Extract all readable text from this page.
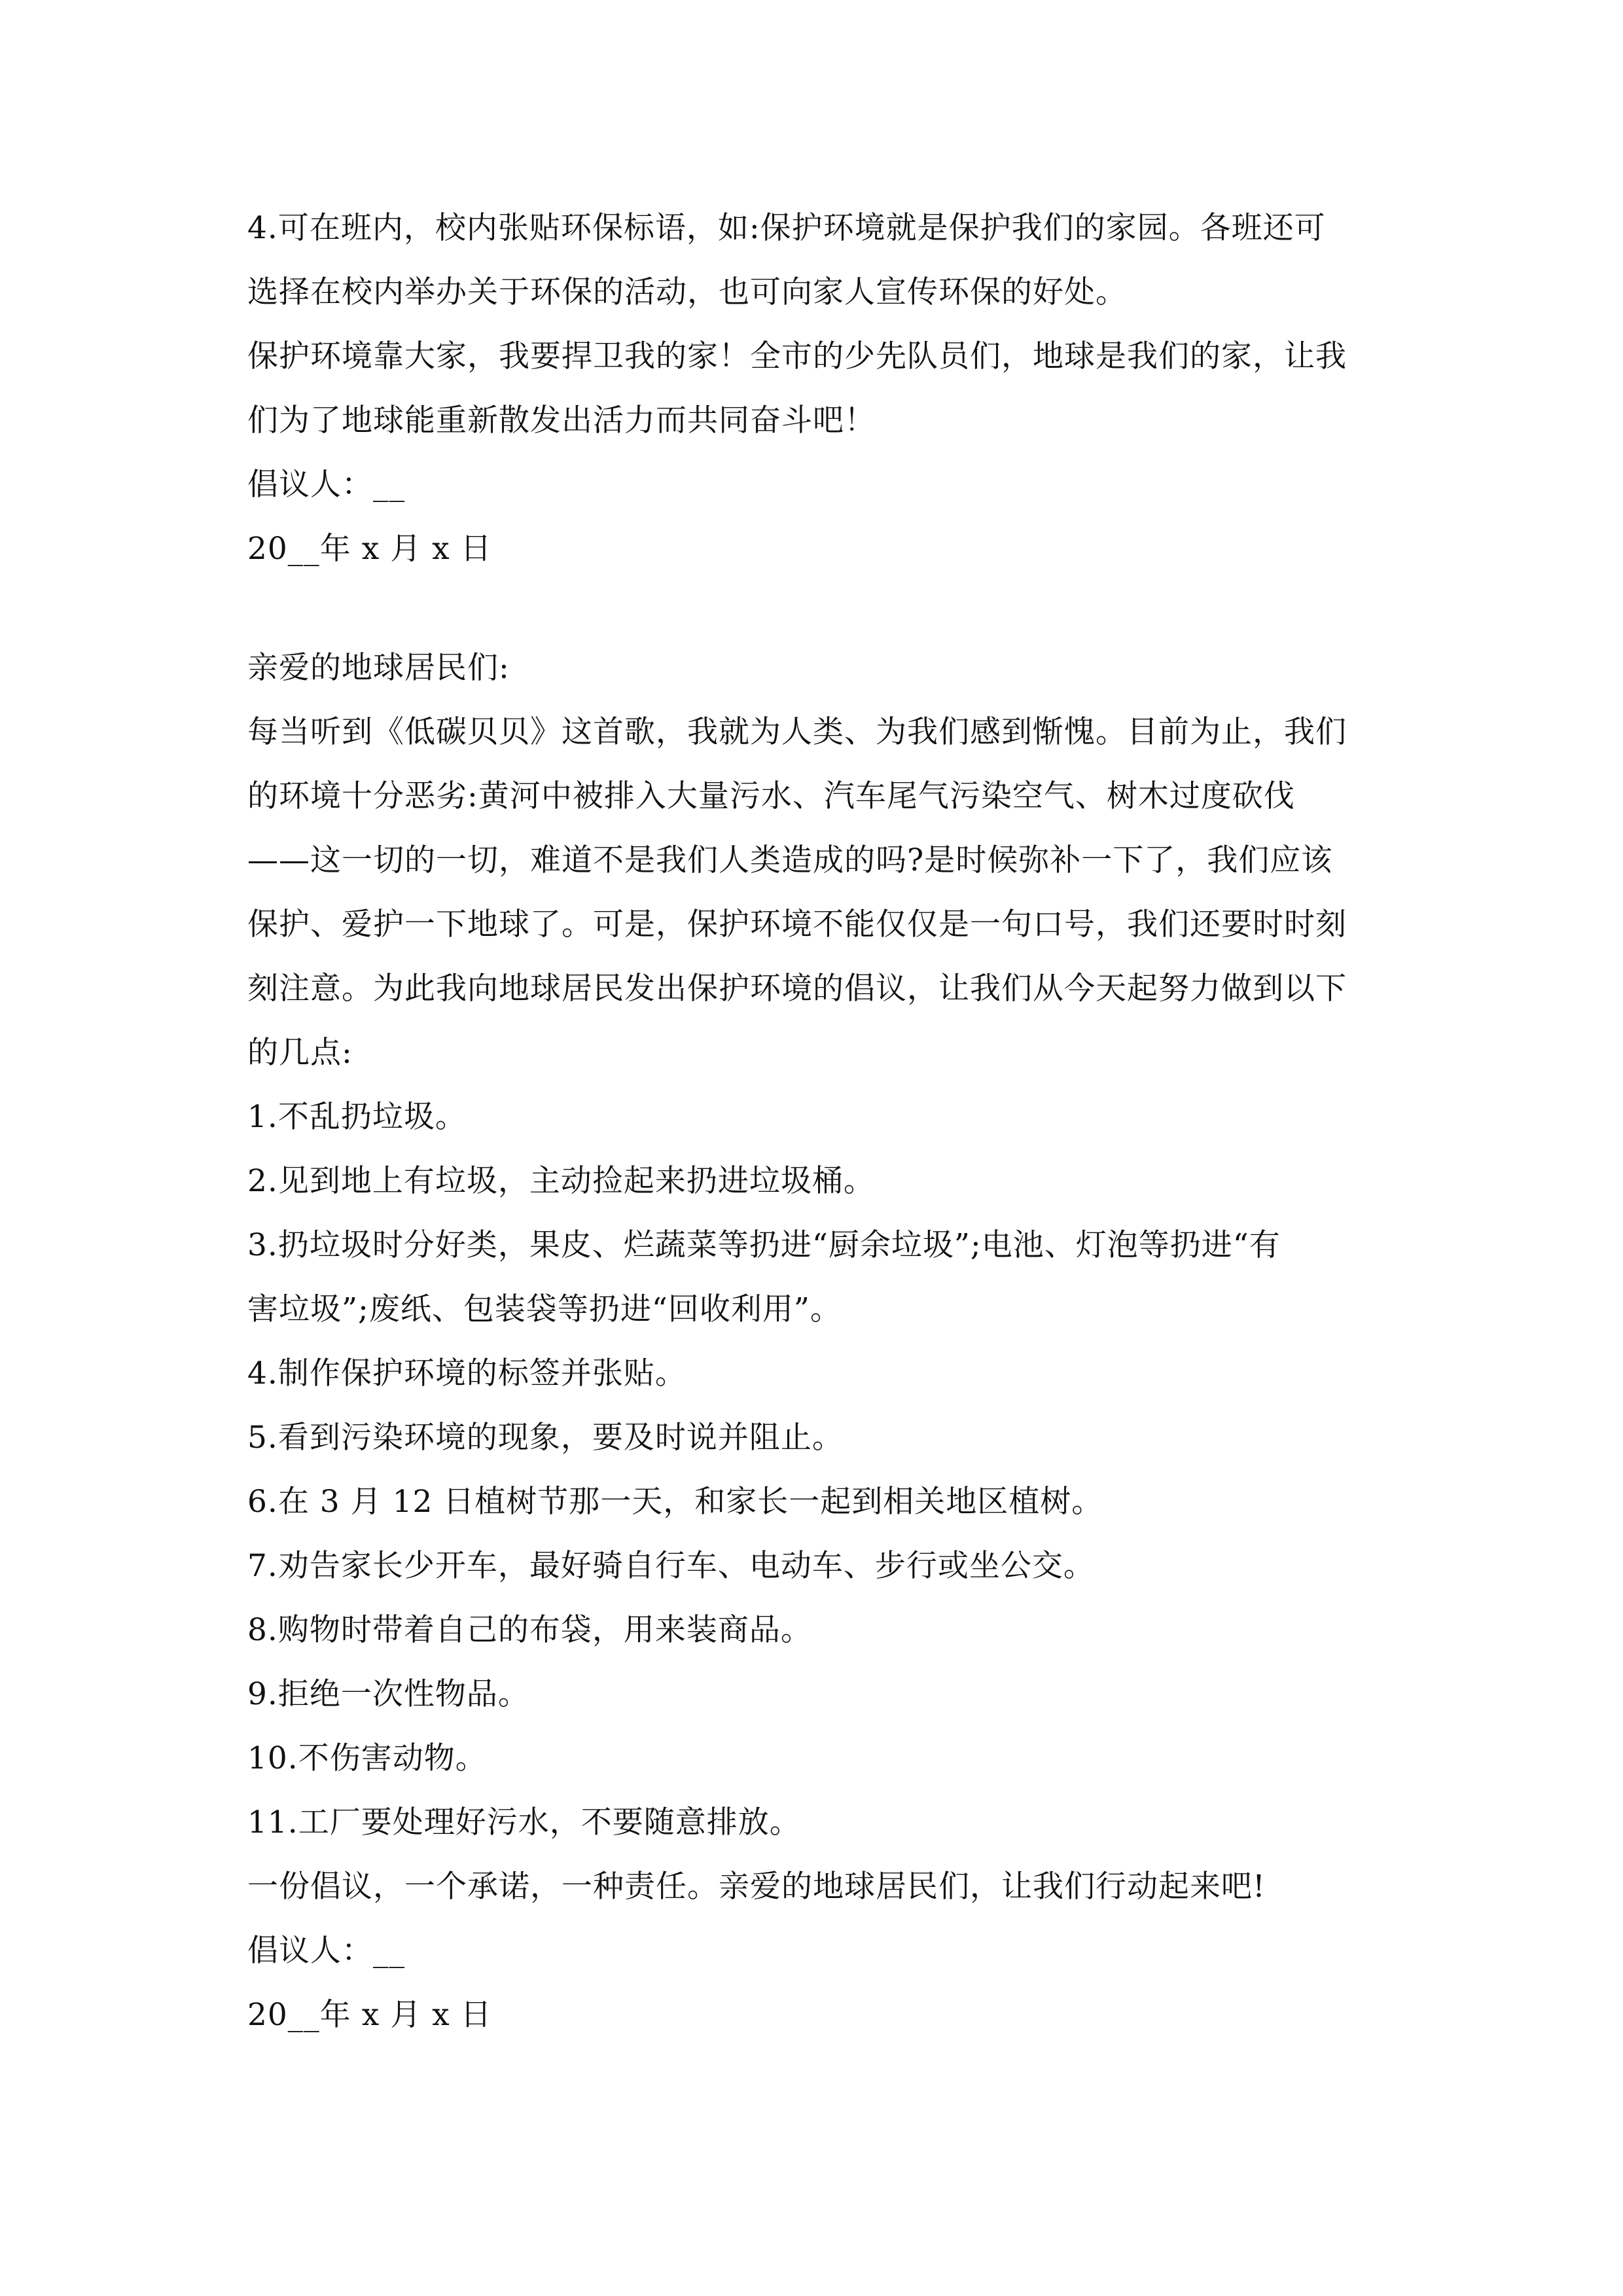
4.可在班内，校内张贴环保标语，如:保护环境就是保护我们的家园。各班还可
选择在校内举办关于环保的活动，也可向家人宣传环保的好处。
保护环境靠大家，我要捍卫我的家！全市的少先队员们，地球是我们的家，让我
们为了地球能重新散发出活力而共同奋斗吧！
倡议人：__
20__年 x 月 x 日
亲爱的地球居民们:
每当听到《低碳贝贝》这首歌，我就为人类、为我们感到惭愧。目前为止，我们
的环境十分恶劣:黄河中被排入大量污水、汽车尾气污染空气、树木过度砍伐
——这一切的一切，难道不是我们人类造成的吗?是时候弥补一下了，我们应该
保护、爱护一下地球了。可是，保护环境不能仅仅是一句口号，我们还要时时刻
刻注意。为此我向地球居民发出保护环境的倡议，让我们从今天起努力做到以下
的几点:
1.不乱扔垃圾。
2.见到地上有垃圾，主动捡起来扔进垃圾桶。
3.扔垃圾时分好类，果皮、烂蔬菜等扔进“厨余垃圾”;电池、灯泡等扔进“有
害垃圾”;废纸、包装袋等扔进“回收利用”。
4.制作保护环境的标签并张贴。
5.看到污染环境的现象，要及时说并阻止。
6.在 3 月 12 日植树节那一天，和家长一起到相关地区植树。
7.劝告家长少开车，最好骑自行车、电动车、步行或坐公交。
8.购物时带着自己的布袋，用来装商品。
9.拒绝一次性物品。
10.不伤害动物。
11.工厂要处理好污水，不要随意排放。
一份倡议，一个承诺，一种责任。亲爱的地球居民们，让我们行动起来吧!
倡议人：__
20__年 x 月 x 日
